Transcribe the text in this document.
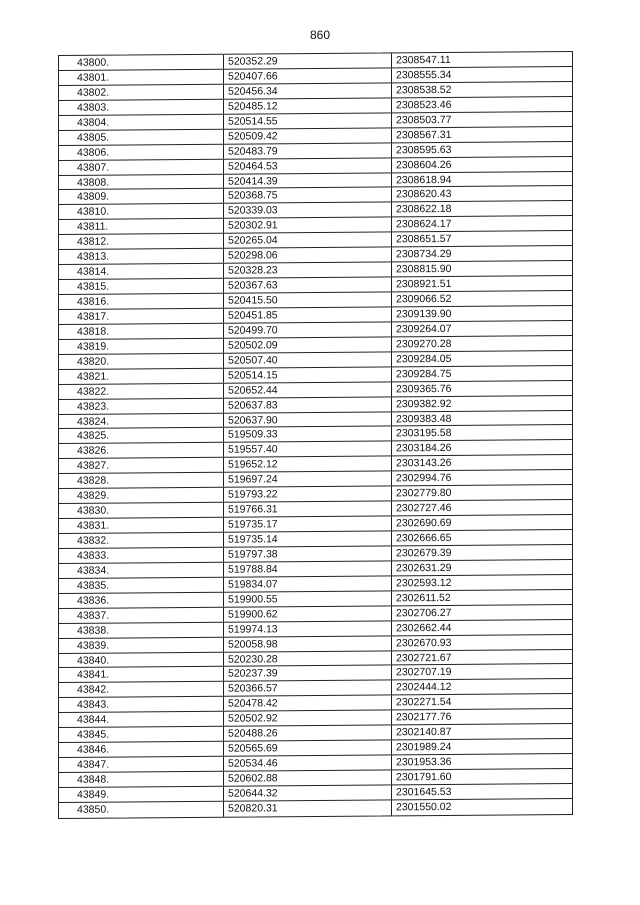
860
43800.	520352.29	2308547.11
43801.	520407.66	2308555.34
43802.	520456.34	2308538.52
43803.	520485.12	2308523.46
43804.	520514.55	2308503.77
43805.	520509.42	2308567.31
43806.	520483.79	2308595.63
43807.	520464.53	2308604.26
43808.	520414.39	2308618.94
43809.	520368.75	2308620.43
43810.	520339.03	2308622.18
43811.	520302.91	2308624.17
43812.	520265.04	2308651.57
43813.	520298.06	2308734.29
43814.	520328.23	2308815.90
43815.	520367.63	2308921.51
43816.	520415.50	2309066.52
43817.	520451.85	2309139.90
43818.	520499.70	2309264.07
43819.	520502.09	2309270.28
43820.	520507.40	2309284.05
43821.	520514.15	2309284.75
43822.	520652.44	2309365.76
43823.	520637.83	2309382.92
43824.	520637.90	2309383.48
43825.	519509.33	2303195.58
43826.	519557.40	2303184.26
43827.	519652.12	2303143.26
43828.	519697.24	2302994.76
43829.	519793.22	2302779.80
43830.	519766.31	2302727.46
43831.	519735.17	2302690.69
43832.	519735.14	2302666.65
43833.	519797.38	2302679.39
43834.	519788.84	2302631.29
43835.	519834.07	2302593.12
43836.	519900.55	2302611.52
43837.	519900.62	2302706.27
43838.	519974.13	2302662.44
43839.	520058.98	2302670.93
43840.	520230.28	2302721.67
43841.	520237.39	2302707.19
43842.	520366.57	2302444.12
43843.	520478.42	2302271.54
43844.	520502.92	2302177.76
43845.	520488.26	2302140.87
43846.	520565.69	2301989.24
43847.	520534.46	2301953.36
43848.	520602.88	2301791.60
43849.	520644.32	2301645.53
43850.	520820.31	2301550.02
